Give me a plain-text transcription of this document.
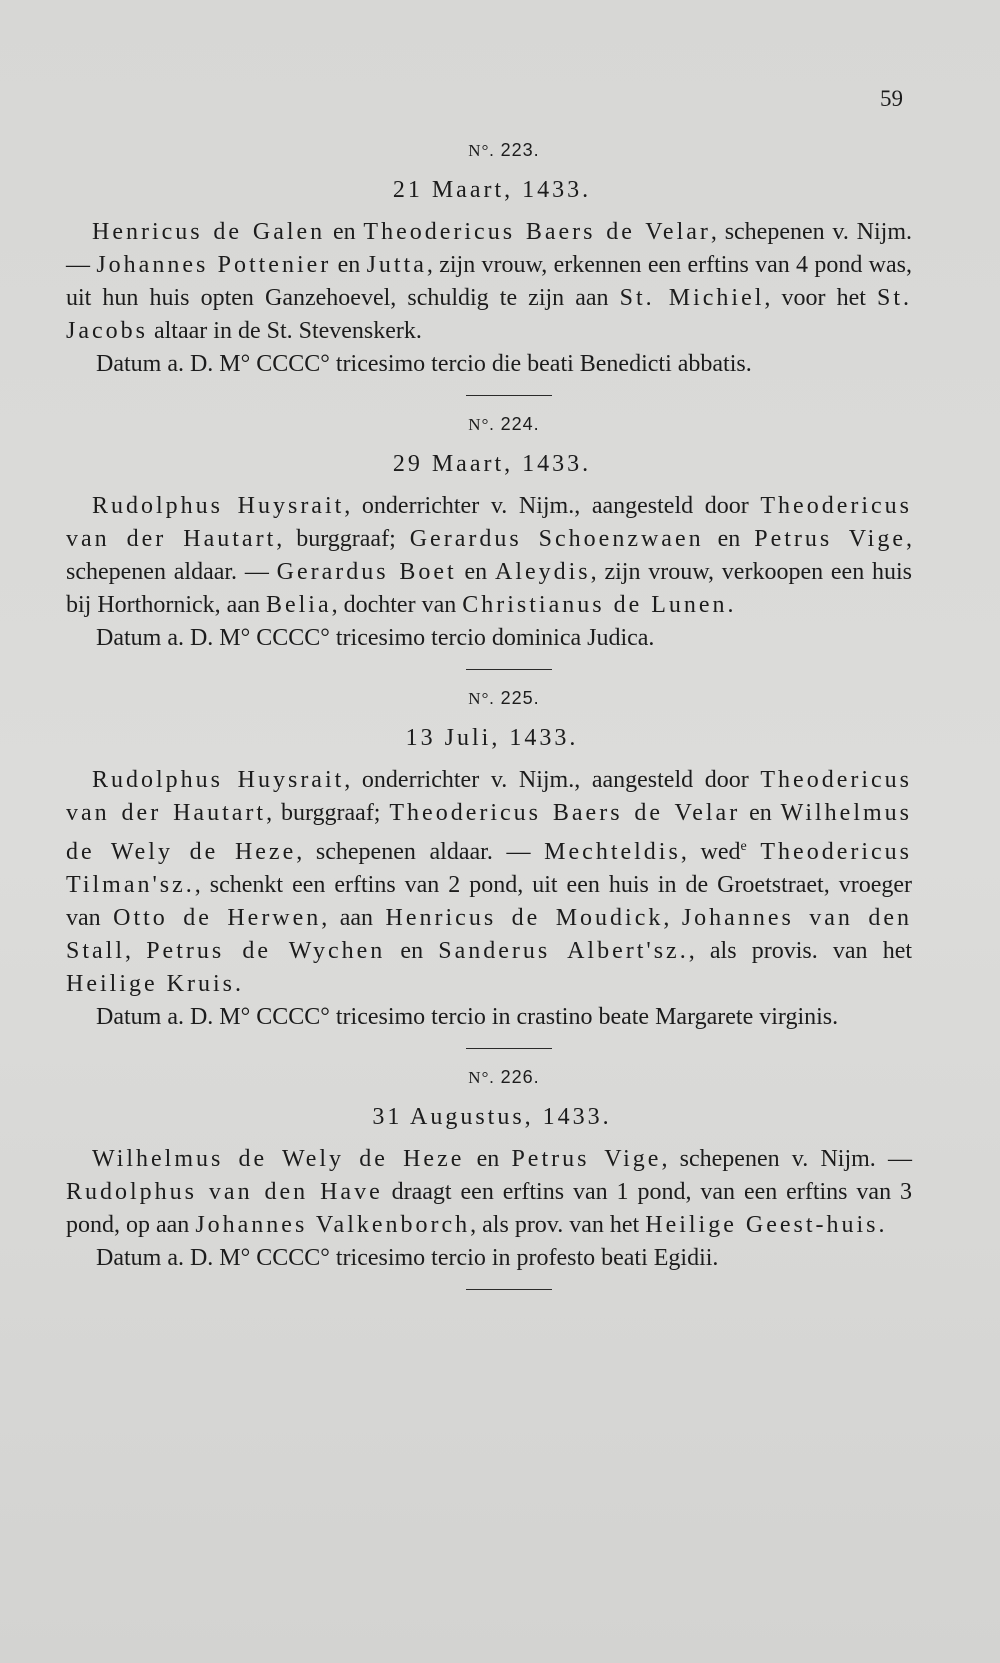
59

N°. 223.

21 Maart, 1433.

Henricus de Galen en Theodericus Baers de Velar, schepenen v. Nijm. — Johannes Pottenier en Jutta, zijn vrouw, erkennen een erftins van 4 pond was, uit hun huis opten Ganzehoevel, schuldig te zijn aan St. Michiel, voor het St. Jacobs altaar in de St. Stevenskerk.

Datum a. D. M° CCCC° tricesimo tercio die beati Benedicti abbatis.

N°. 224.

29 Maart, 1433.

Rudolphus Huysrait, onderrichter v. Nijm., aangesteld door Theodericus van der Hautart, burggraaf; Gerardus Schoenzwaen en Petrus Vige, schepenen aldaar. — Gerardus Boet en Aleydis, zijn vrouw, verkoopen een huis bij Horthornick, aan Belia, dochter van Christianus de Lunen.

Datum a. D. M° CCCC° tricesimo tercio dominica Judica.

N°. 225.

13 Juli, 1433.

Rudolphus Huysrait, onderrichter v. Nijm., aangesteld door Theodericus van der Hautart, burggraaf; Theodericus Baers de Velar en Wilhelmus de Wely de Heze, schepenen aldaar. — Mechteldis, wed$^e$ Theodericus Tilman'sz., schenkt een erftins van 2 pond, uit een huis in de Groetstraet, vroeger van Otto de Herwen, aan Henricus de Moudick, Johannes van den Stall, Petrus de Wychen en Sanderus Albert'sz., als provis. van het Heilige Kruis.

Datum a. D. M° CCCC° tricesimo tercio in crastino beate Margarete virginis.

N°. 226.

31 Augustus, 1433.

Wilhelmus de Wely de Heze en Petrus Vige, schepenen v. Nijm. — Rudolphus van den Have draagt een erftins van 1 pond, van een erftins van 3 pond, op aan Johannes Valkenborch, als prov. van het Heilige Geest-huis.

Datum a. D. M° CCCC° tricesimo tercio in profesto beati Egidii.
